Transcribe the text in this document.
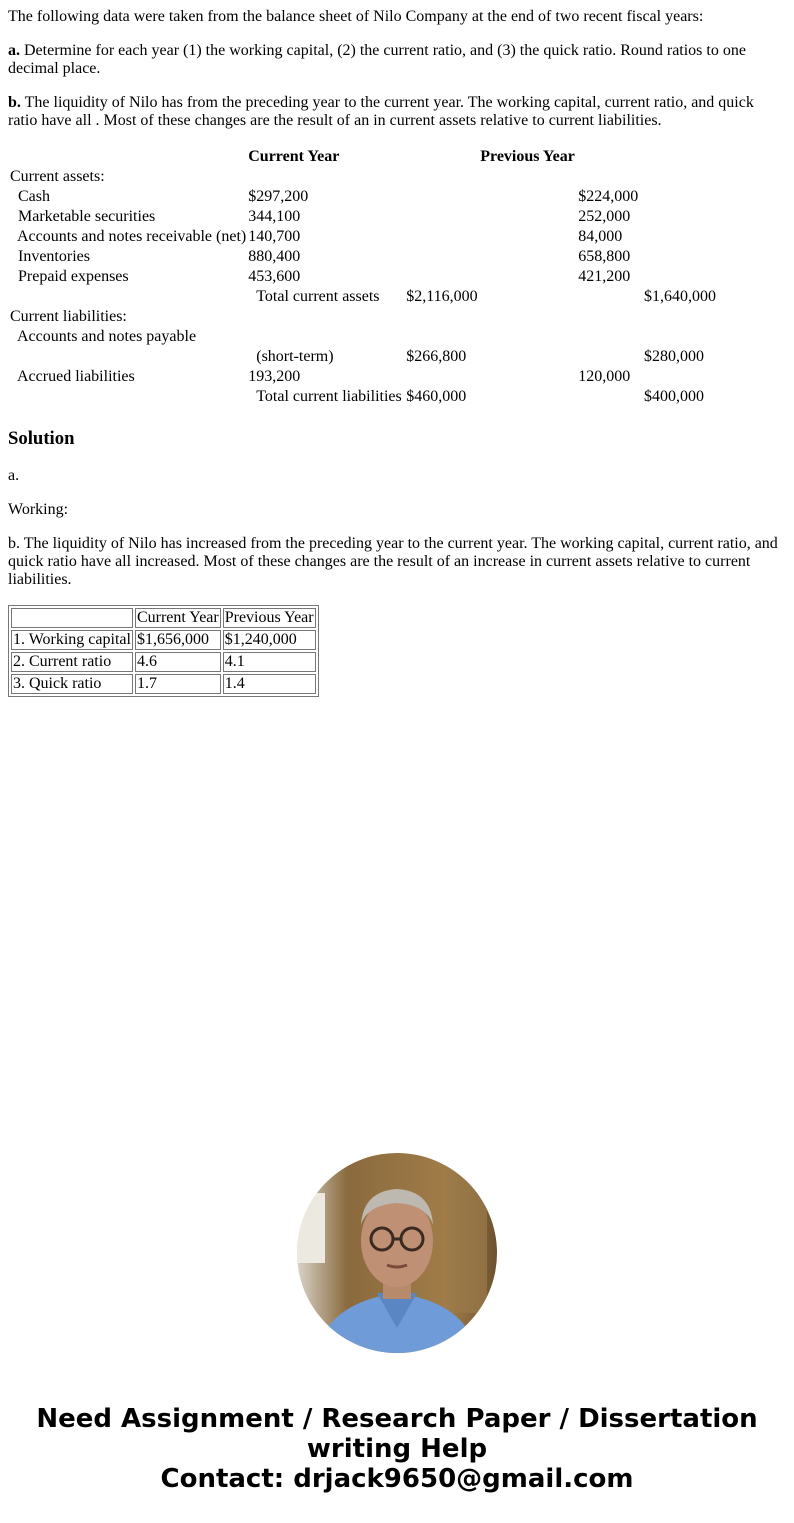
The following data were taken from the balance sheet of Nilo Company at the end of two recent fiscal years:

a. Determine for each year (1) the working capital, (2) the current ratio, and (3) the quick ratio. Round ratios to one decimal place.

b. The liquidity of Nilo has from the preceding year to the current year. The working capital, current ratio, and quick ratio have all . Most of these changes are the result of an in current assets relative to current liabilities.

	Current Year	Previous Year
Current assets:		
Cash	$297,200	$224,000
Marketable securities	344,100	252,000
Accounts and notes receivable (net)	140,700	84,000
Inventories	880,400	658,800
Prepaid expenses	453,600	421,200
	Total current assets	$2,116,000 $1,640,000

Current liabilities:		
Accounts and notes payable		
	(short-term)	$266,800 $280,000

Accrued liabilities	193,200	120,000
	Total current liabilities	$460,000 $400,000
Solution

a.

Working:

b. The liquidity of Nilo has increased from the preceding year to the current year. The working capital, current ratio, and quick ratio have all increased. Most of these changes are the result of an increase in current assets relative to current liabilities.

	Current Year	Previous Year
1. Working capital	$1,656,000	$1,240,000
2. Current ratio	4.6	4.1
3. Quick ratio	1.7	1.4
Need Assignment / Research Paper / Dissertation
writing Help
Contact: drjack9650@gmail.com
